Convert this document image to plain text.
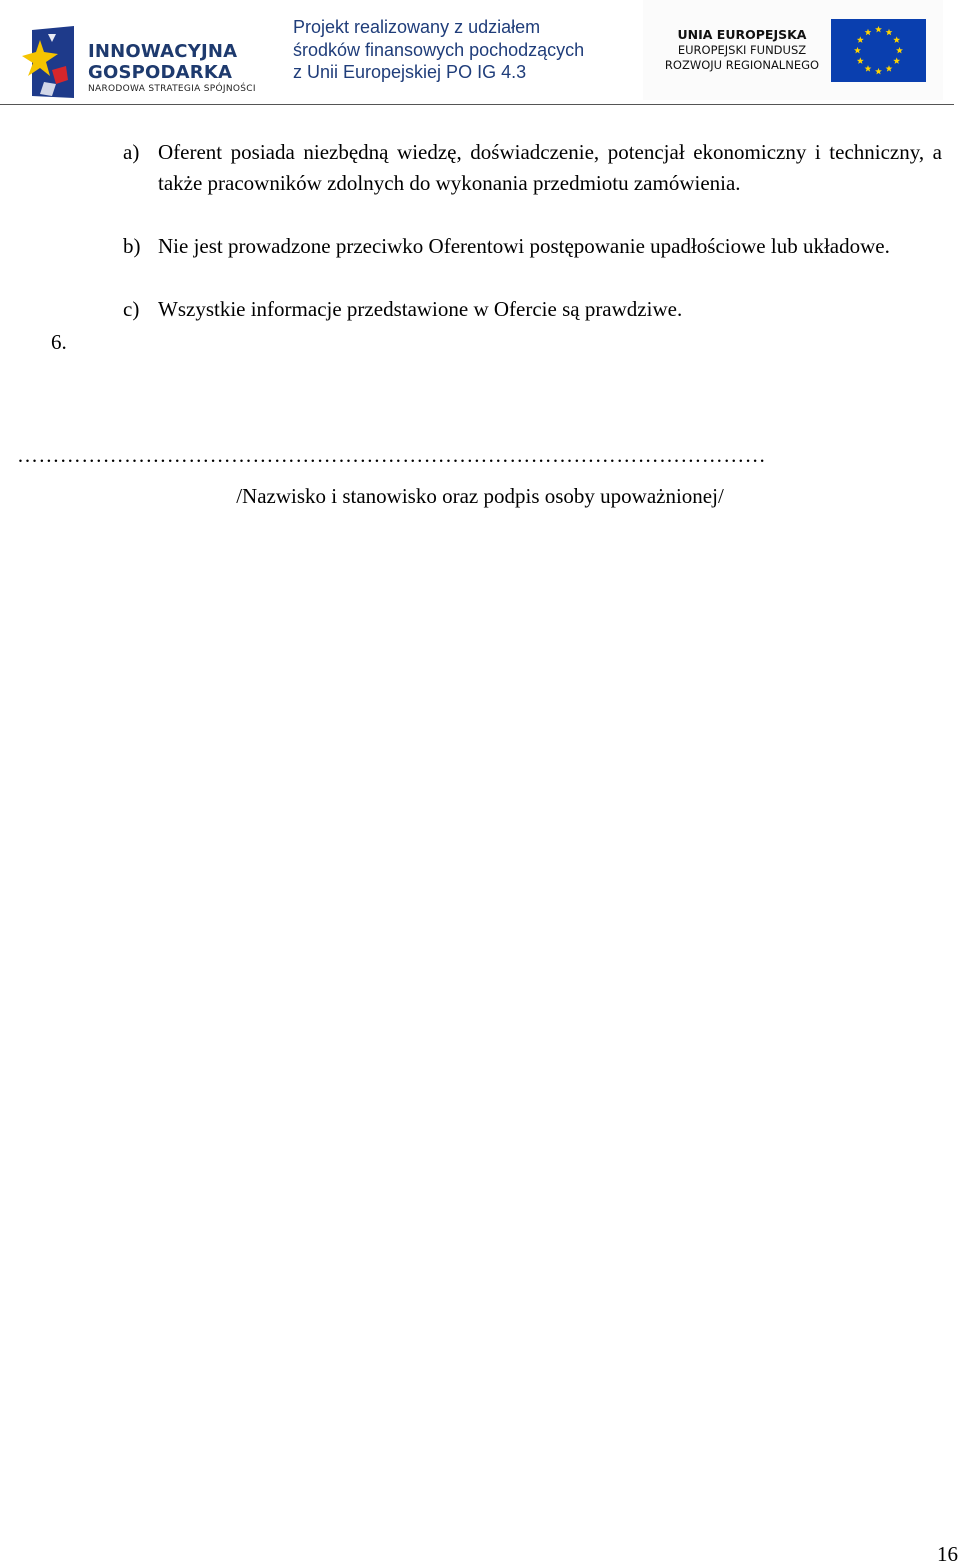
INNOWACYJNA
GOSPODARKA
NARODOWA STRATEGIA SPÓJNOŚCI
Projekt realizowany z udziałem
środków finansowych pochodzących
z Unii Europejskiej PO IG 4.3
UNIA EUROPEJSKA
EUROPEJSKI FUNDUSZ
ROZWOJU REGIONALNEGO
6.
a) Oferent posiada niezbędną wiedzę, doświadczenie, potencjał ekonomiczny i techniczny, a także pracowników zdolnych do wykonania przedmiotu zamówienia.
b) Nie jest prowadzone przeciwko Oferentowi postępowanie upadłościowe lub układowe.
c) Wszystkie informacje przedstawione w Ofercie są prawdziwe.
……………………………………………………………………………………………
/Nazwisko i stanowisko oraz podpis osoby upoważnionej/
16
